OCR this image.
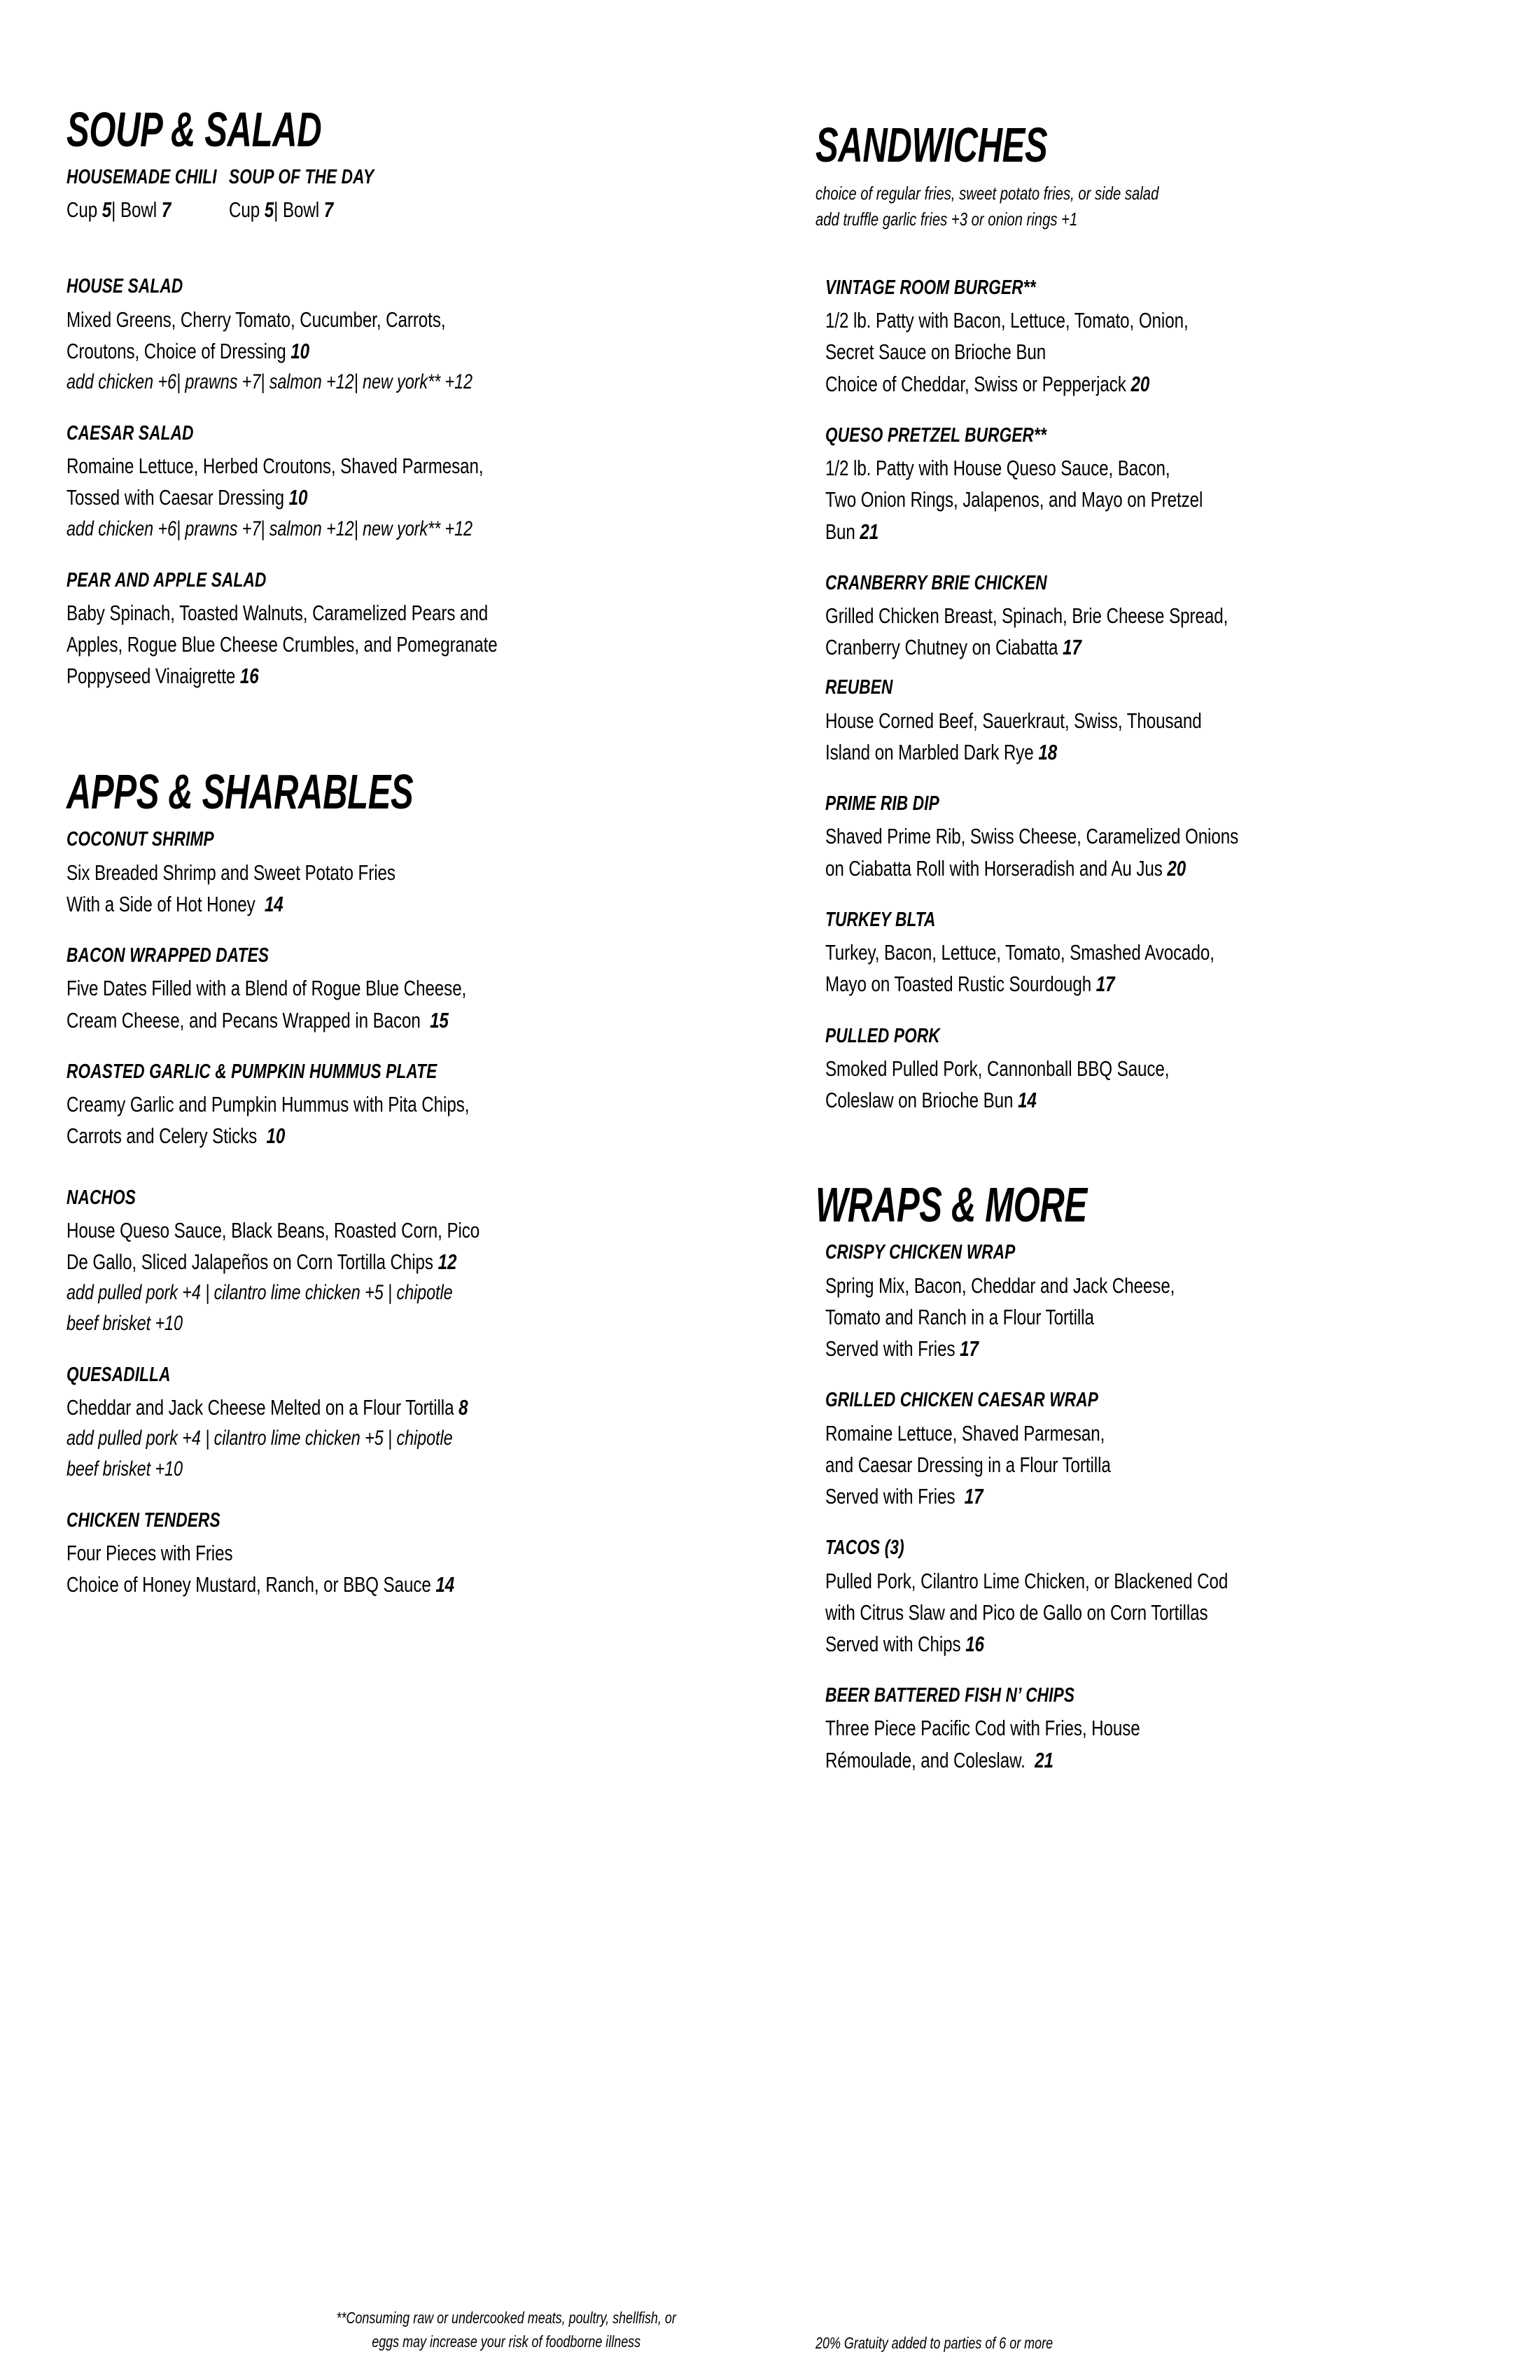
SOUP & SALAD
HOUSEMADE CHILI
Cup 5| Bowl 7
SOUP OF THE DAY
Cup 5| Bowl 7
HOUSE SALAD
Mixed Greens, Cherry Tomato, Cucumber, Carrots,
Croutons, Choice of Dressing 10
add chicken +6| prawns +7| salmon +12| new york** +12
CAESAR SALAD
Romaine Lettuce, Herbed Croutons, Shaved Parmesan,
Tossed with Caesar Dressing 10
add chicken +6| prawns +7| salmon +12| new york** +12
PEAR AND APPLE SALAD
Baby Spinach, Toasted Walnuts, Caramelized Pears and
Apples, Rogue Blue Cheese Crumbles, and Pomegranate
Poppyseed Vinaigrette 16
APPS & SHARABLES
COCONUT SHRIMP
Six Breaded Shrimp and Sweet Potato Fries
With a Side of Hot Honey 14
BACON WRAPPED DATES
Five Dates Filled with a Blend of Rogue Blue Cheese,
Cream Cheese, and Pecans Wrapped in Bacon 15
ROASTED GARLIC & PUMPKIN HUMMUS PLATE
Creamy Garlic and Pumpkin Hummus with Pita Chips,
Carrots and Celery Sticks 10
NACHOS
House Queso Sauce, Black Beans, Roasted Corn, Pico
De Gallo, Sliced Jalapeños on Corn Tortilla Chips 12
add pulled pork +4 | cilantro lime chicken +5 | chipotle
beef brisket +10
QUESADILLA
Cheddar and Jack Cheese Melted on a Flour Tortilla 8
add pulled pork +4 | cilantro lime chicken +5 | chipotle
beef brisket +10
CHICKEN TENDERS
Four Pieces with Fries
Choice of Honey Mustard, Ranch, or BBQ Sauce 14
SANDWICHES
choice of regular fries, sweet potato fries, or side salad
add truffle garlic fries +3 or onion rings +1
VINTAGE ROOM BURGER**
1/2 lb. Patty with Bacon, Lettuce, Tomato, Onion,
Secret Sauce on Brioche Bun
Choice of Cheddar, Swiss or Pepperjack 20
QUESO PRETZEL BURGER**
1/2 lb. Patty with House Queso Sauce, Bacon,
Two Onion Rings, Jalapenos, and Mayo on Pretzel
Bun 21
CRANBERRY BRIE CHICKEN
Grilled Chicken Breast, Spinach, Brie Cheese Spread,
Cranberry Chutney on Ciabatta 17
REUBEN
House Corned Beef, Sauerkraut, Swiss, Thousand
Island on Marbled Dark Rye 18
PRIME RIB DIP
Shaved Prime Rib, Swiss Cheese, Caramelized Onions
on Ciabatta Roll with Horseradish and Au Jus 20
TURKEY BLTA
Turkey, Bacon, Lettuce, Tomato, Smashed Avocado,
Mayo on Toasted Rustic Sourdough 17
PULLED PORK
Smoked Pulled Pork, Cannonball BBQ Sauce,
Coleslaw on Brioche Bun 14
WRAPS & MORE
CRISPY CHICKEN WRAP
Spring Mix, Bacon, Cheddar and Jack Cheese,
Tomato and Ranch in a Flour Tortilla
Served with Fries 17
GRILLED CHICKEN CAESAR WRAP
Romaine Lettuce, Shaved Parmesan,
and Caesar Dressing in a Flour Tortilla
Served with Fries 17
TACOS (3)
Pulled Pork, Cilantro Lime Chicken, or Blackened Cod
with Citrus Slaw and Pico de Gallo on Corn Tortillas
Served with Chips 16
BEER BATTERED FISH N’ CHIPS
Three Piece Pacific Cod with Fries, House
Rémoulade, and Coleslaw. 21
**Consuming raw or undercooked meats, poultry, shellfish, or
eggs may increase your risk of foodborne illness	20% Gratuity added to parties of 6 or more
